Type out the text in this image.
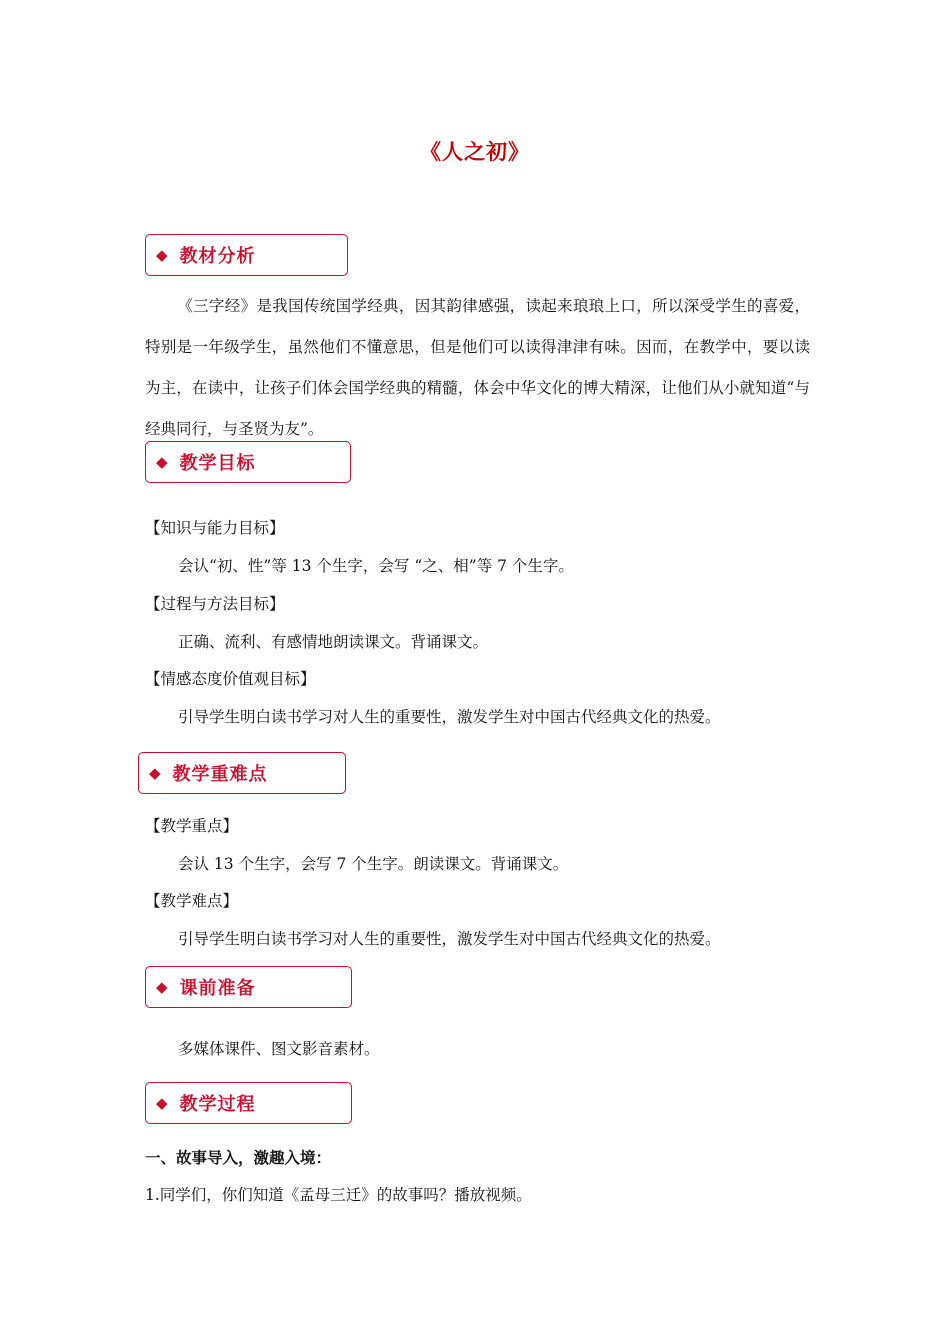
《人之初》
◆ 教材分析
《三字经》是我国传统国学经典，因其韵律感强，读起来琅琅上口，所以深受学生的喜爱，特别是一年级学生，虽然他们不懂意思，但是他们可以读得津津有味。因而，在教学中，要以读为主，在读中，让孩子们体会国学经典的精髓，体会中华文化的博大精深，让他们从小就知道“与经典同行，与圣贤为友”。
◆ 教学目标
【知识与能力目标】
会认“初、性”等 13 个生字，会写 “之、相”等 7 个生字。
【过程与方法目标】
正确、流利、有感情地朗读课文。背诵课文。
【情感态度价值观目标】
引导学生明白读书学习对人生的重要性，激发学生对中国古代经典文化的热爱。
◆ 教学重难点
【教学重点】
会认 13 个生字，会写 7 个生字。朗读课文。背诵课文。
【教学难点】
引导学生明白读书学习对人生的重要性，激发学生对中国古代经典文化的热爱。
◆ 课前准备
多媒体课件、图文影音素材。
◆ 教学过程
一、故事导入，激趣入境：
1.同学们，你们知道《孟母三迁》的故事吗？播放视频。
